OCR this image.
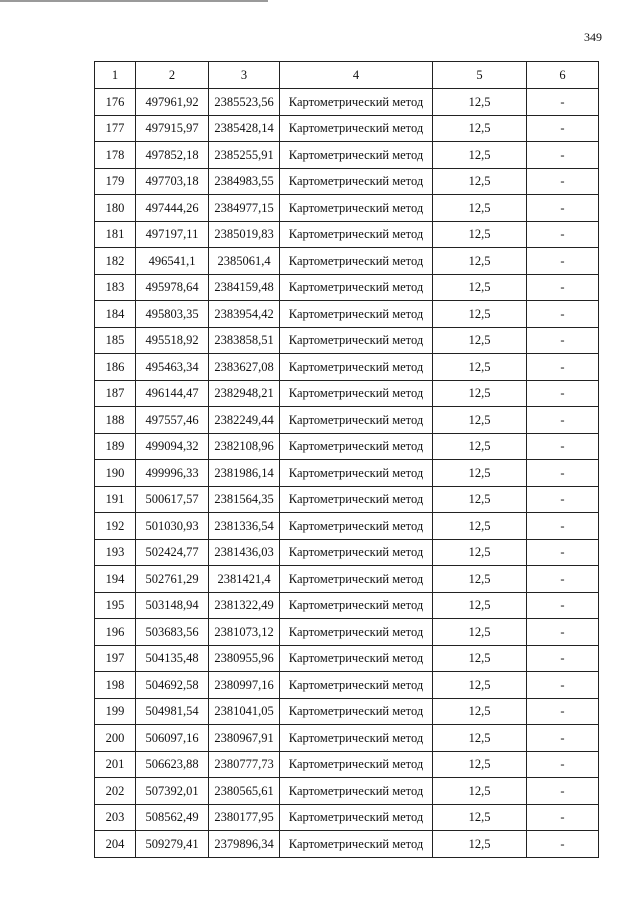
349
1	2	3	4	5	6
176	497961,92	2385523,56	Картометрический метод	12,5	-
177	497915,97	2385428,14	Картометрический метод	12,5	-
178	497852,18	2385255,91	Картометрический метод	12,5	-
179	497703,18	2384983,55	Картометрический метод	12,5	-
180	497444,26	2384977,15	Картометрический метод	12,5	-
181	497197,11	2385019,83	Картометрический метод	12,5	-
182	496541,1	2385061,4	Картометрический метод	12,5	-
183	495978,64	2384159,48	Картометрический метод	12,5	-
184	495803,35	2383954,42	Картометрический метод	12,5	-
185	495518,92	2383858,51	Картометрический метод	12,5	-
186	495463,34	2383627,08	Картометрический метод	12,5	-
187	496144,47	2382948,21	Картометрический метод	12,5	-
188	497557,46	2382249,44	Картометрический метод	12,5	-
189	499094,32	2382108,96	Картометрический метод	12,5	-
190	499996,33	2381986,14	Картометрический метод	12,5	-
191	500617,57	2381564,35	Картометрический метод	12,5	-
192	501030,93	2381336,54	Картометрический метод	12,5	-
193	502424,77	2381436,03	Картометрический метод	12,5	-
194	502761,29	2381421,4	Картометрический метод	12,5	-
195	503148,94	2381322,49	Картометрический метод	12,5	-
196	503683,56	2381073,12	Картометрический метод	12,5	-
197	504135,48	2380955,96	Картометрический метод	12,5	-
198	504692,58	2380997,16	Картометрический метод	12,5	-
199	504981,54	2381041,05	Картометрический метод	12,5	-
200	506097,16	2380967,91	Картометрический метод	12,5	-
201	506623,88	2380777,73	Картометрический метод	12,5	-
202	507392,01	2380565,61	Картометрический метод	12,5	-
203	508562,49	2380177,95	Картометрический метод	12,5	-
204	509279,41	2379896,34	Картометрический метод	12,5	-
